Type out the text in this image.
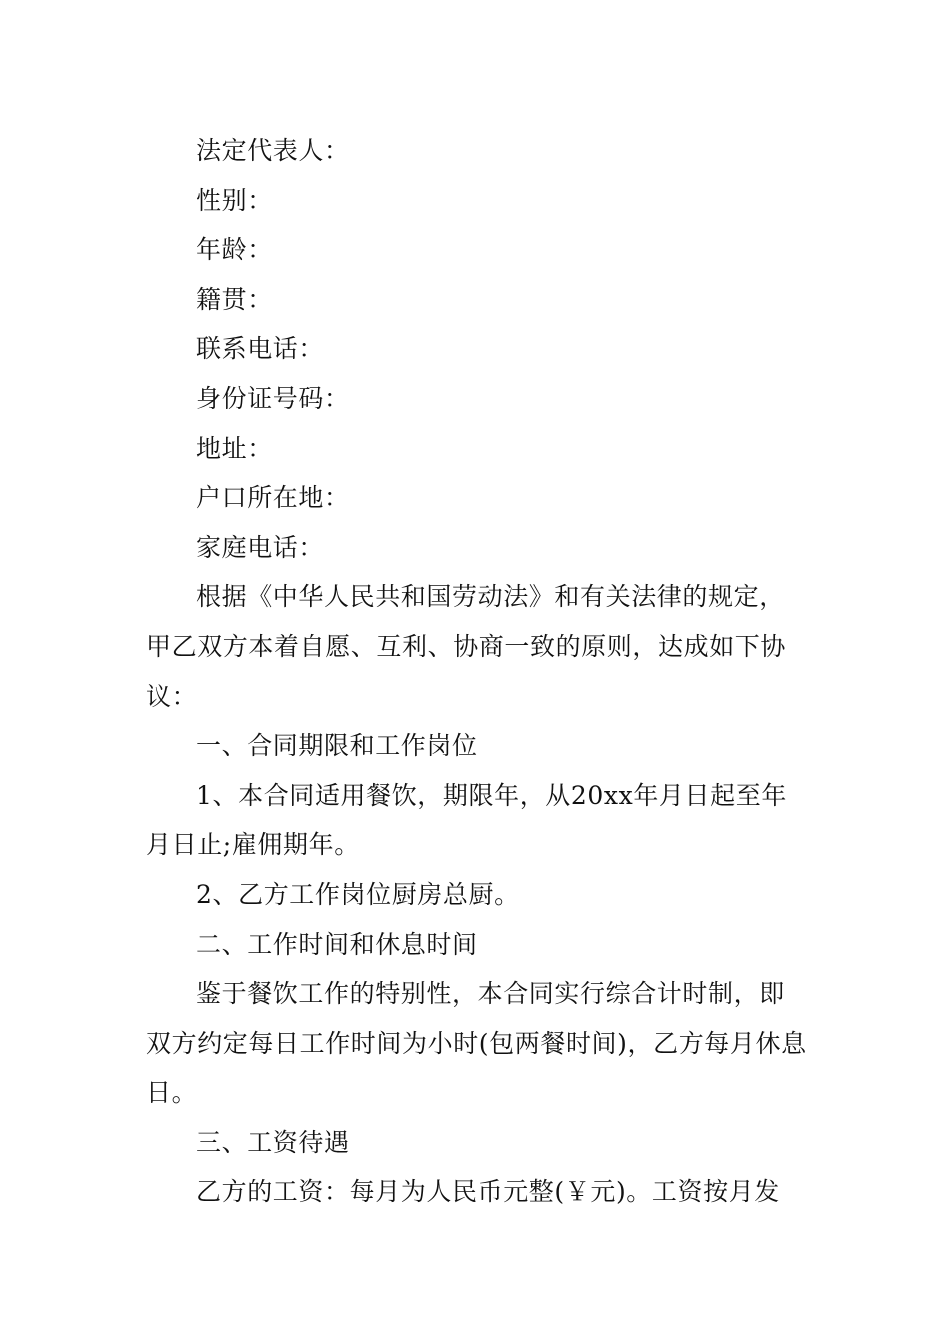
法定代表人：

性别：

年龄：

籍贯：

联系电话：

身份证号码：

地址：

户口所在地：

家庭电话：

根据《中华人民共和国劳动法》和有关法律的规定，甲乙双方本着自愿、互利、协商一致的原则，达成如下协议：

一、合同期限和工作岗位

1、本合同适用餐饮，期限年，从20xx年月日起至年月日止;雇佣期年。

2、乙方工作岗位厨房总厨。

二、工作时间和休息时间

鉴于餐饮工作的特别性，本合同实行综合计时制，即双方约定每日工作时间为小时(包两餐时间)，乙方每月休息日。

三、工资待遇

乙方的工资：每月为人民币元整(￥元)。工资按月发
